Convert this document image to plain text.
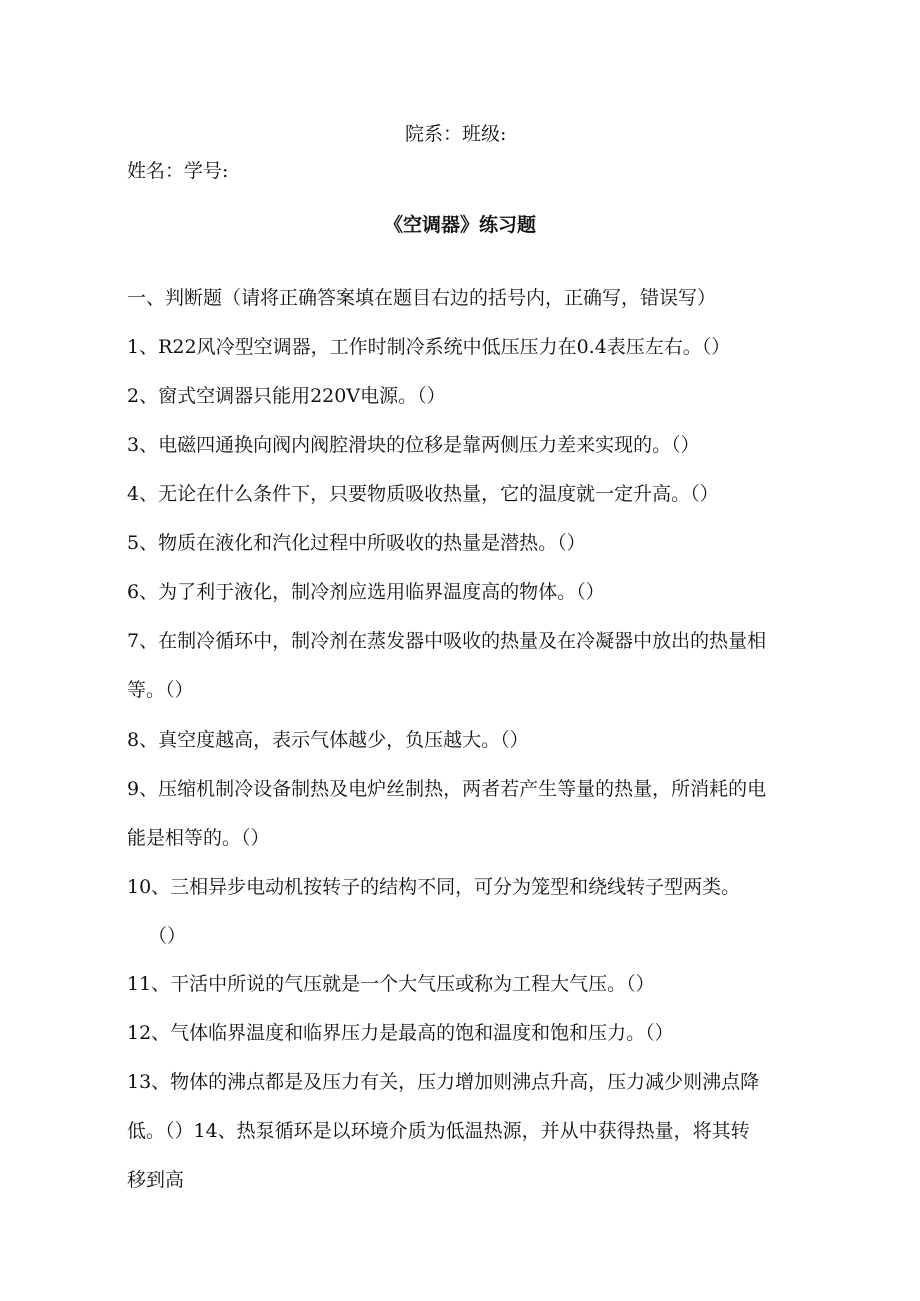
院系：班级:
姓名：学号:
《空调器》练习题
一、判断题（请将正确答案填在题目右边的括号内，正确写，错误写）
1、R22风冷型空调器，工作时制冷系统中低压压力在0.4表压左右。（）
2、窗式空调器只能用220V电源。（）
3、电磁四通换向阀内阀腔滑块的位移是靠两侧压力差来实现的。（）
4、无论在什么条件下，只要物质吸收热量，它的温度就一定升高。（）
5、物质在液化和汽化过程中所吸收的热量是潜热。（）
6、为了利于液化，制冷剂应选用临界温度高的物体。（）
7、在制冷循环中，制冷剂在蒸发器中吸收的热量及在冷凝器中放出的热量相
等。（）
8、真空度越高，表示气体越少，负压越大。（）
9、压缩机制冷设备制热及电炉丝制热，两者若产生等量的热量，所消耗的电
能是相等的。（）
10、三相异步电动机按转子的结构不同，可分为笼型和绕线转子型两类。
（）
11、干活中所说的气压就是一个大气压或称为工程大气压。（）
12、气体临界温度和临界压力是最高的饱和温度和饱和压力。（）
13、物体的沸点都是及压力有关，压力增加则沸点升高，压力减少则沸点降
低。（）14、热泵循环是以环境介质为低温热源，并从中获得热量，将其转
移到高
